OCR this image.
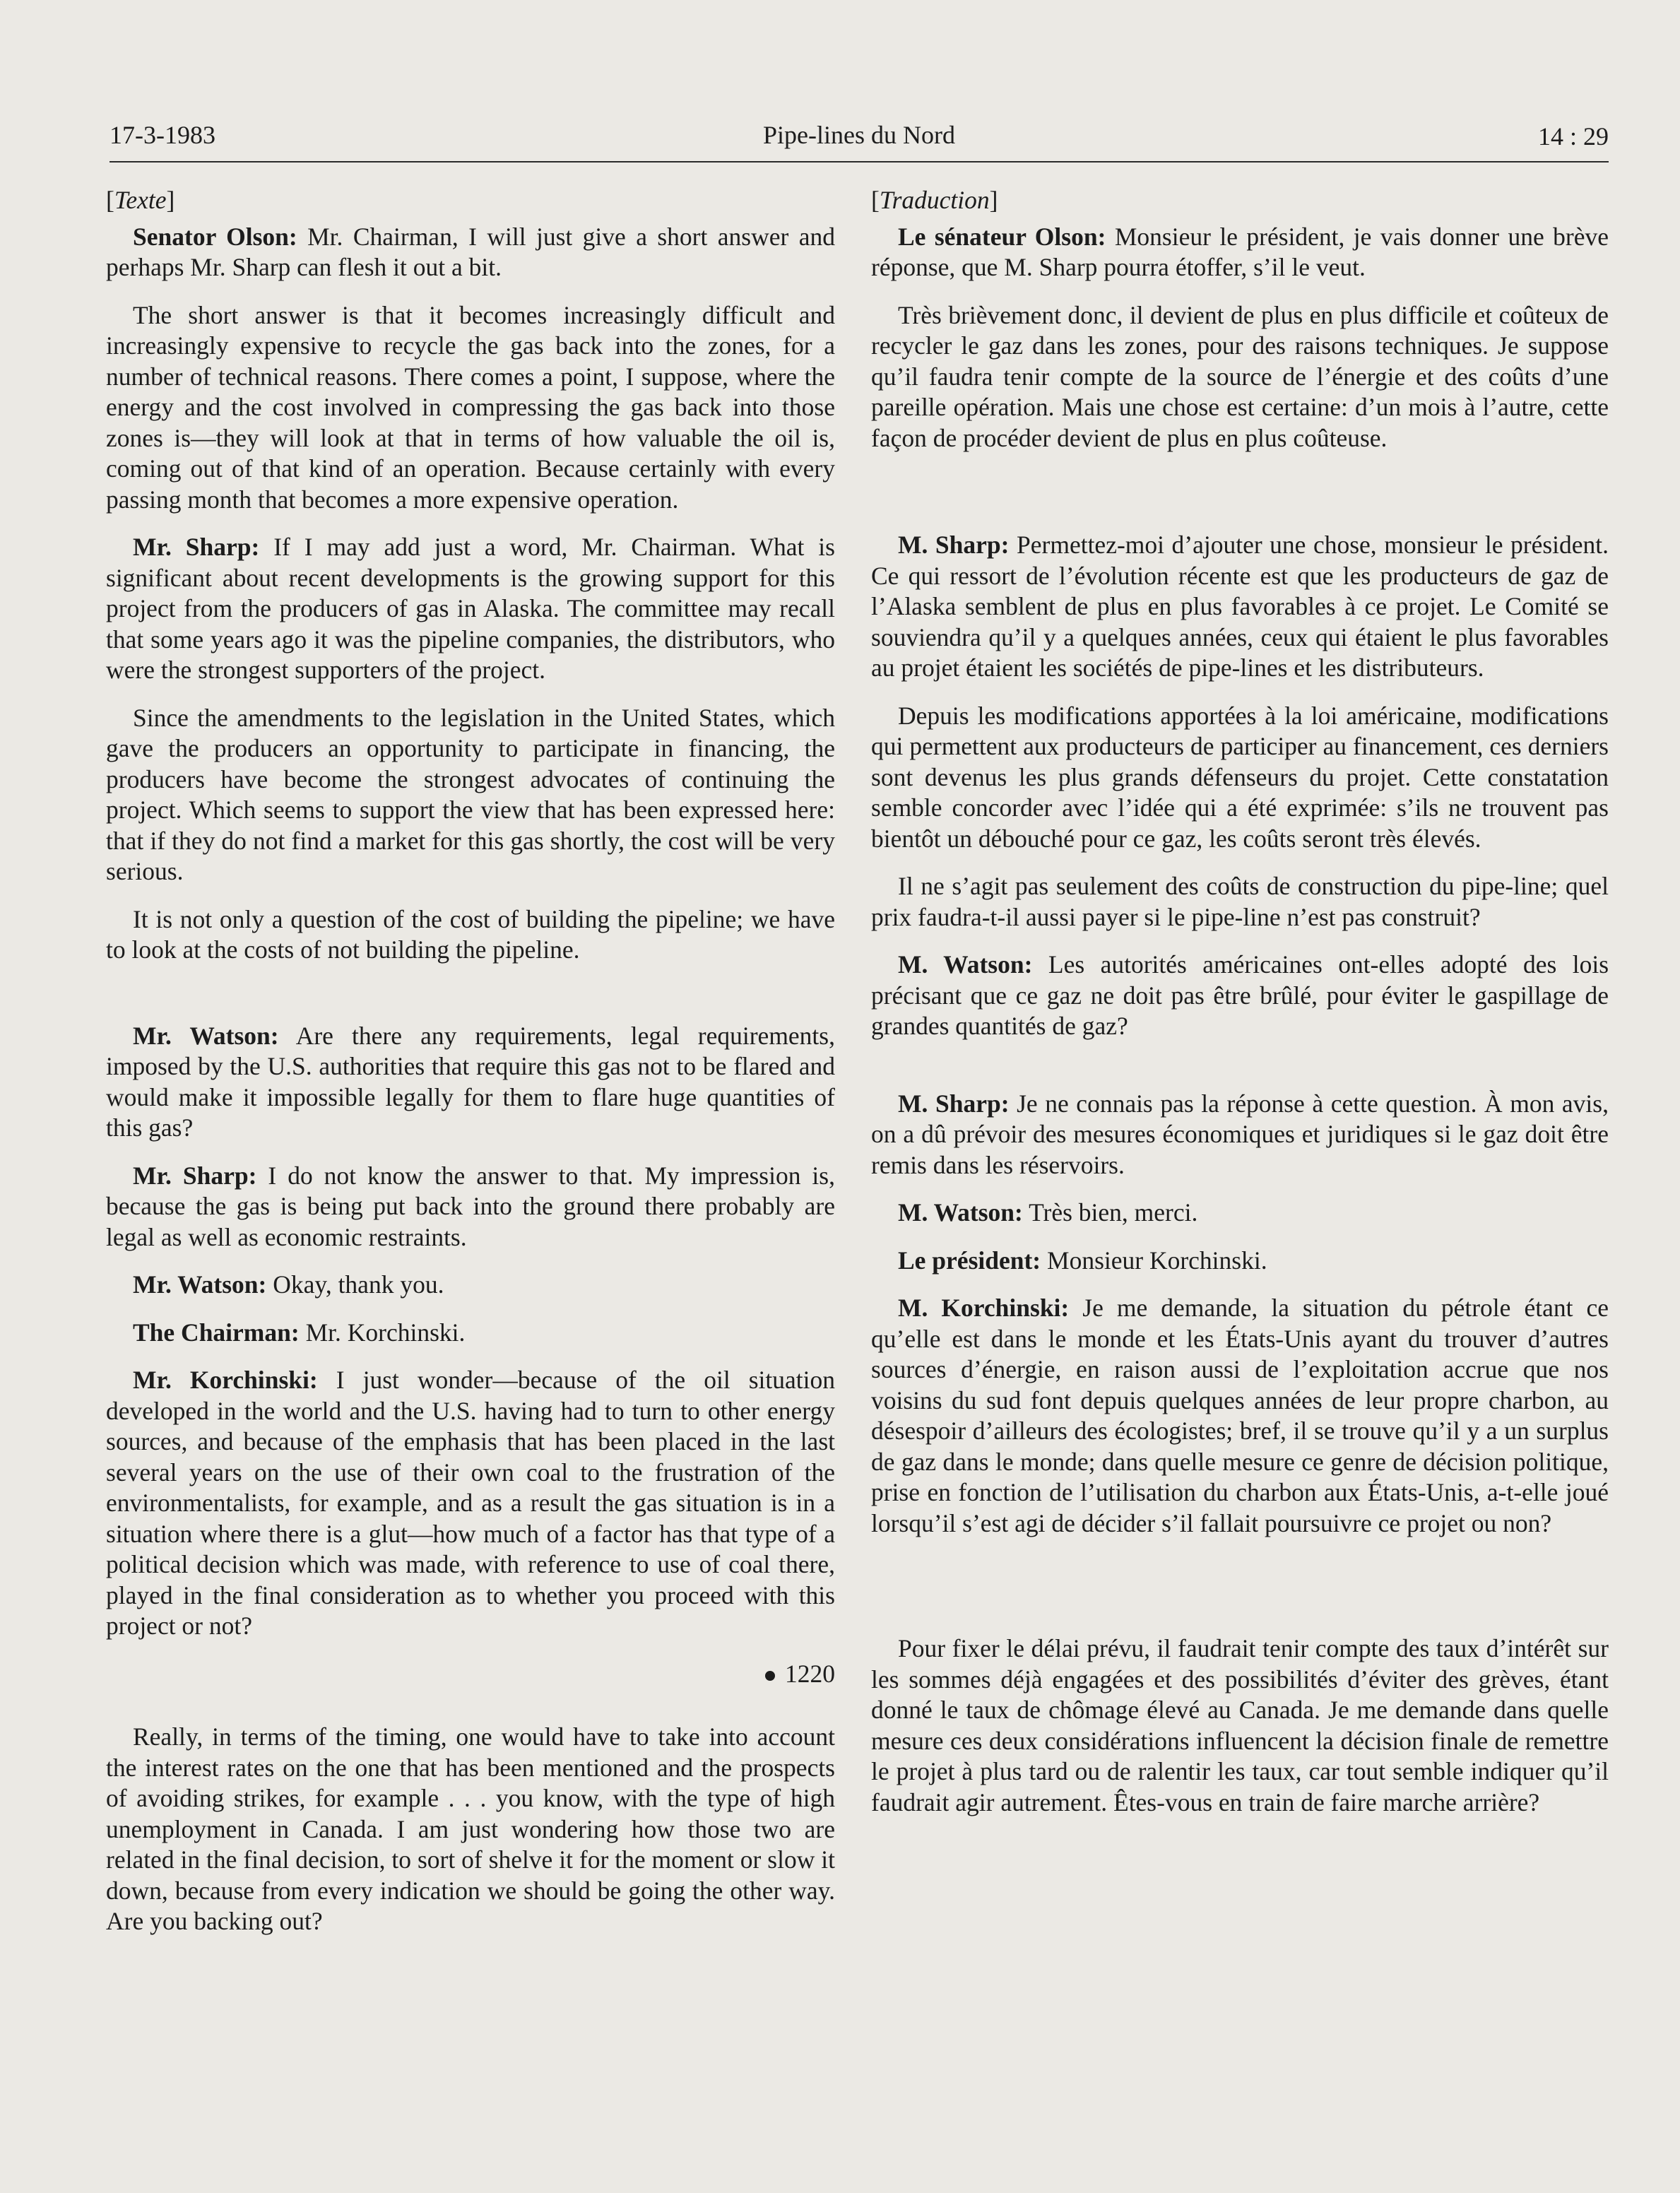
17-3-1983	Pipe-lines du Nord	14 : 29
[Texte]

Senator Olson: Mr. Chairman, I will just give a short answer and perhaps Mr. Sharp can flesh it out a bit.

The short answer is that it becomes increasingly difficult and increasingly expensive to recycle the gas back into the zones, for a number of technical reasons. There comes a point, I suppose, where the energy and the cost involved in compressing the gas back into those zones is—they will look at that in terms of how valuable the oil is, coming out of that kind of an operation. Because certainly with every passing month that becomes a more expensive operation.

Mr. Sharp: If I may add just a word, Mr. Chairman. What is significant about recent developments is the growing support for this project from the producers of gas in Alaska. The committee may recall that some years ago it was the pipeline companies, the distributors, who were the strongest supporters of the project.

Since the amendments to the legislation in the United States, which gave the producers an opportunity to participate in financing, the producers have become the strongest advocates of continuing the project. Which seems to support the view that has been expressed here: that if they do not find a market for this gas shortly, the cost will be very serious.

It is not only a question of the cost of building the pipeline; we have to look at the costs of not building the pipeline.

Mr. Watson: Are there any requirements, legal requirements, imposed by the U.S. authorities that require this gas not to be flared and would make it impossible legally for them to flare huge quantities of this gas?

Mr. Sharp: I do not know the answer to that. My impression is, because the gas is being put back into the ground there probably are legal as well as economic restraints.

Mr. Watson: Okay, thank you.

The Chairman: Mr. Korchinski.

Mr. Korchinski: I just wonder—because of the oil situation developed in the world and the U.S. having had to turn to other energy sources, and because of the emphasis that has been placed in the last several years on the use of their own coal to the frustration of the environmentalists, for example, and as a result the gas situation is in a situation where there is a glut—how much of a factor has that type of a political decision which was made, with reference to use of coal there, played in the final consideration as to whether you proceed with this project or not?

1220

Really, in terms of the timing, one would have to take into account the interest rates on the one that has been mentioned and the prospects of avoiding strikes, for example . . . you know, with the type of high unemployment in Canada. I am just wondering how those two are related in the final decision, to sort of shelve it for the moment or slow it down, because from every indication we should be going the other way. Are you backing out?

[Traduction]

Le sénateur Olson: Monsieur le président, je vais donner une brève réponse, que M. Sharp pourra étoffer, s’il le veut.

Très brièvement donc, il devient de plus en plus difficile et coûteux de recycler le gaz dans les zones, pour des raisons techniques. Je suppose qu’il faudra tenir compte de la source de l’énergie et des coûts d’une pareille opération. Mais une chose est certaine: d’un mois à l’autre, cette façon de procéder devient de plus en plus coûteuse.

M. Sharp: Permettez-moi d’ajouter une chose, monsieur le président. Ce qui ressort de l’évolution récente est que les producteurs de gaz de l’Alaska semblent de plus en plus favorables à ce projet. Le Comité se souviendra qu’il y a quelques années, ceux qui étaient le plus favorables au projet étaient les sociétés de pipe-lines et les distributeurs.

Depuis les modifications apportées à la loi américaine, modifications qui permettent aux producteurs de participer au financement, ces derniers sont devenus les plus grands défenseurs du projet. Cette constatation semble concorder avec l’idée qui a été exprimée: s’ils ne trouvent pas bientôt un débouché pour ce gaz, les coûts seront très élevés.

Il ne s’agit pas seulement des coûts de construction du pipe-line; quel prix faudra-t-il aussi payer si le pipe-line n’est pas construit?

M. Watson: Les autorités américaines ont-elles adopté des lois précisant que ce gaz ne doit pas être brûlé, pour éviter le gaspillage de grandes quantités de gaz?

M. Sharp: Je ne connais pas la réponse à cette question. À mon avis, on a dû prévoir des mesures économiques et juridiques si le gaz doit être remis dans les réservoirs.

M. Watson: Très bien, merci.

Le président: Monsieur Korchinski.

M. Korchinski: Je me demande, la situation du pétrole étant ce qu’elle est dans le monde et les États-Unis ayant du trouver d’autres sources d’énergie, en raison aussi de l’exploitation accrue que nos voisins du sud font depuis quelques années de leur propre charbon, au désespoir d’ailleurs des écologistes; bref, il se trouve qu’il y a un surplus de gaz dans le monde; dans quelle mesure ce genre de décision politique, prise en fonction de l’utilisation du charbon aux États-Unis, a-t-elle joué lorsqu’il s’est agi de décider s’il fallait poursuivre ce projet ou non?

Pour fixer le délai prévu, il faudrait tenir compte des taux d’intérêt sur les sommes déjà engagées et des possibilités d’éviter des grèves, étant donné le taux de chômage élevé au Canada. Je me demande dans quelle mesure ces deux considérations influencent la décision finale de remettre le projet à plus tard ou de ralentir les taux, car tout semble indiquer qu’il faudrait agir autrement. Êtes-vous en train de faire marche arrière?
